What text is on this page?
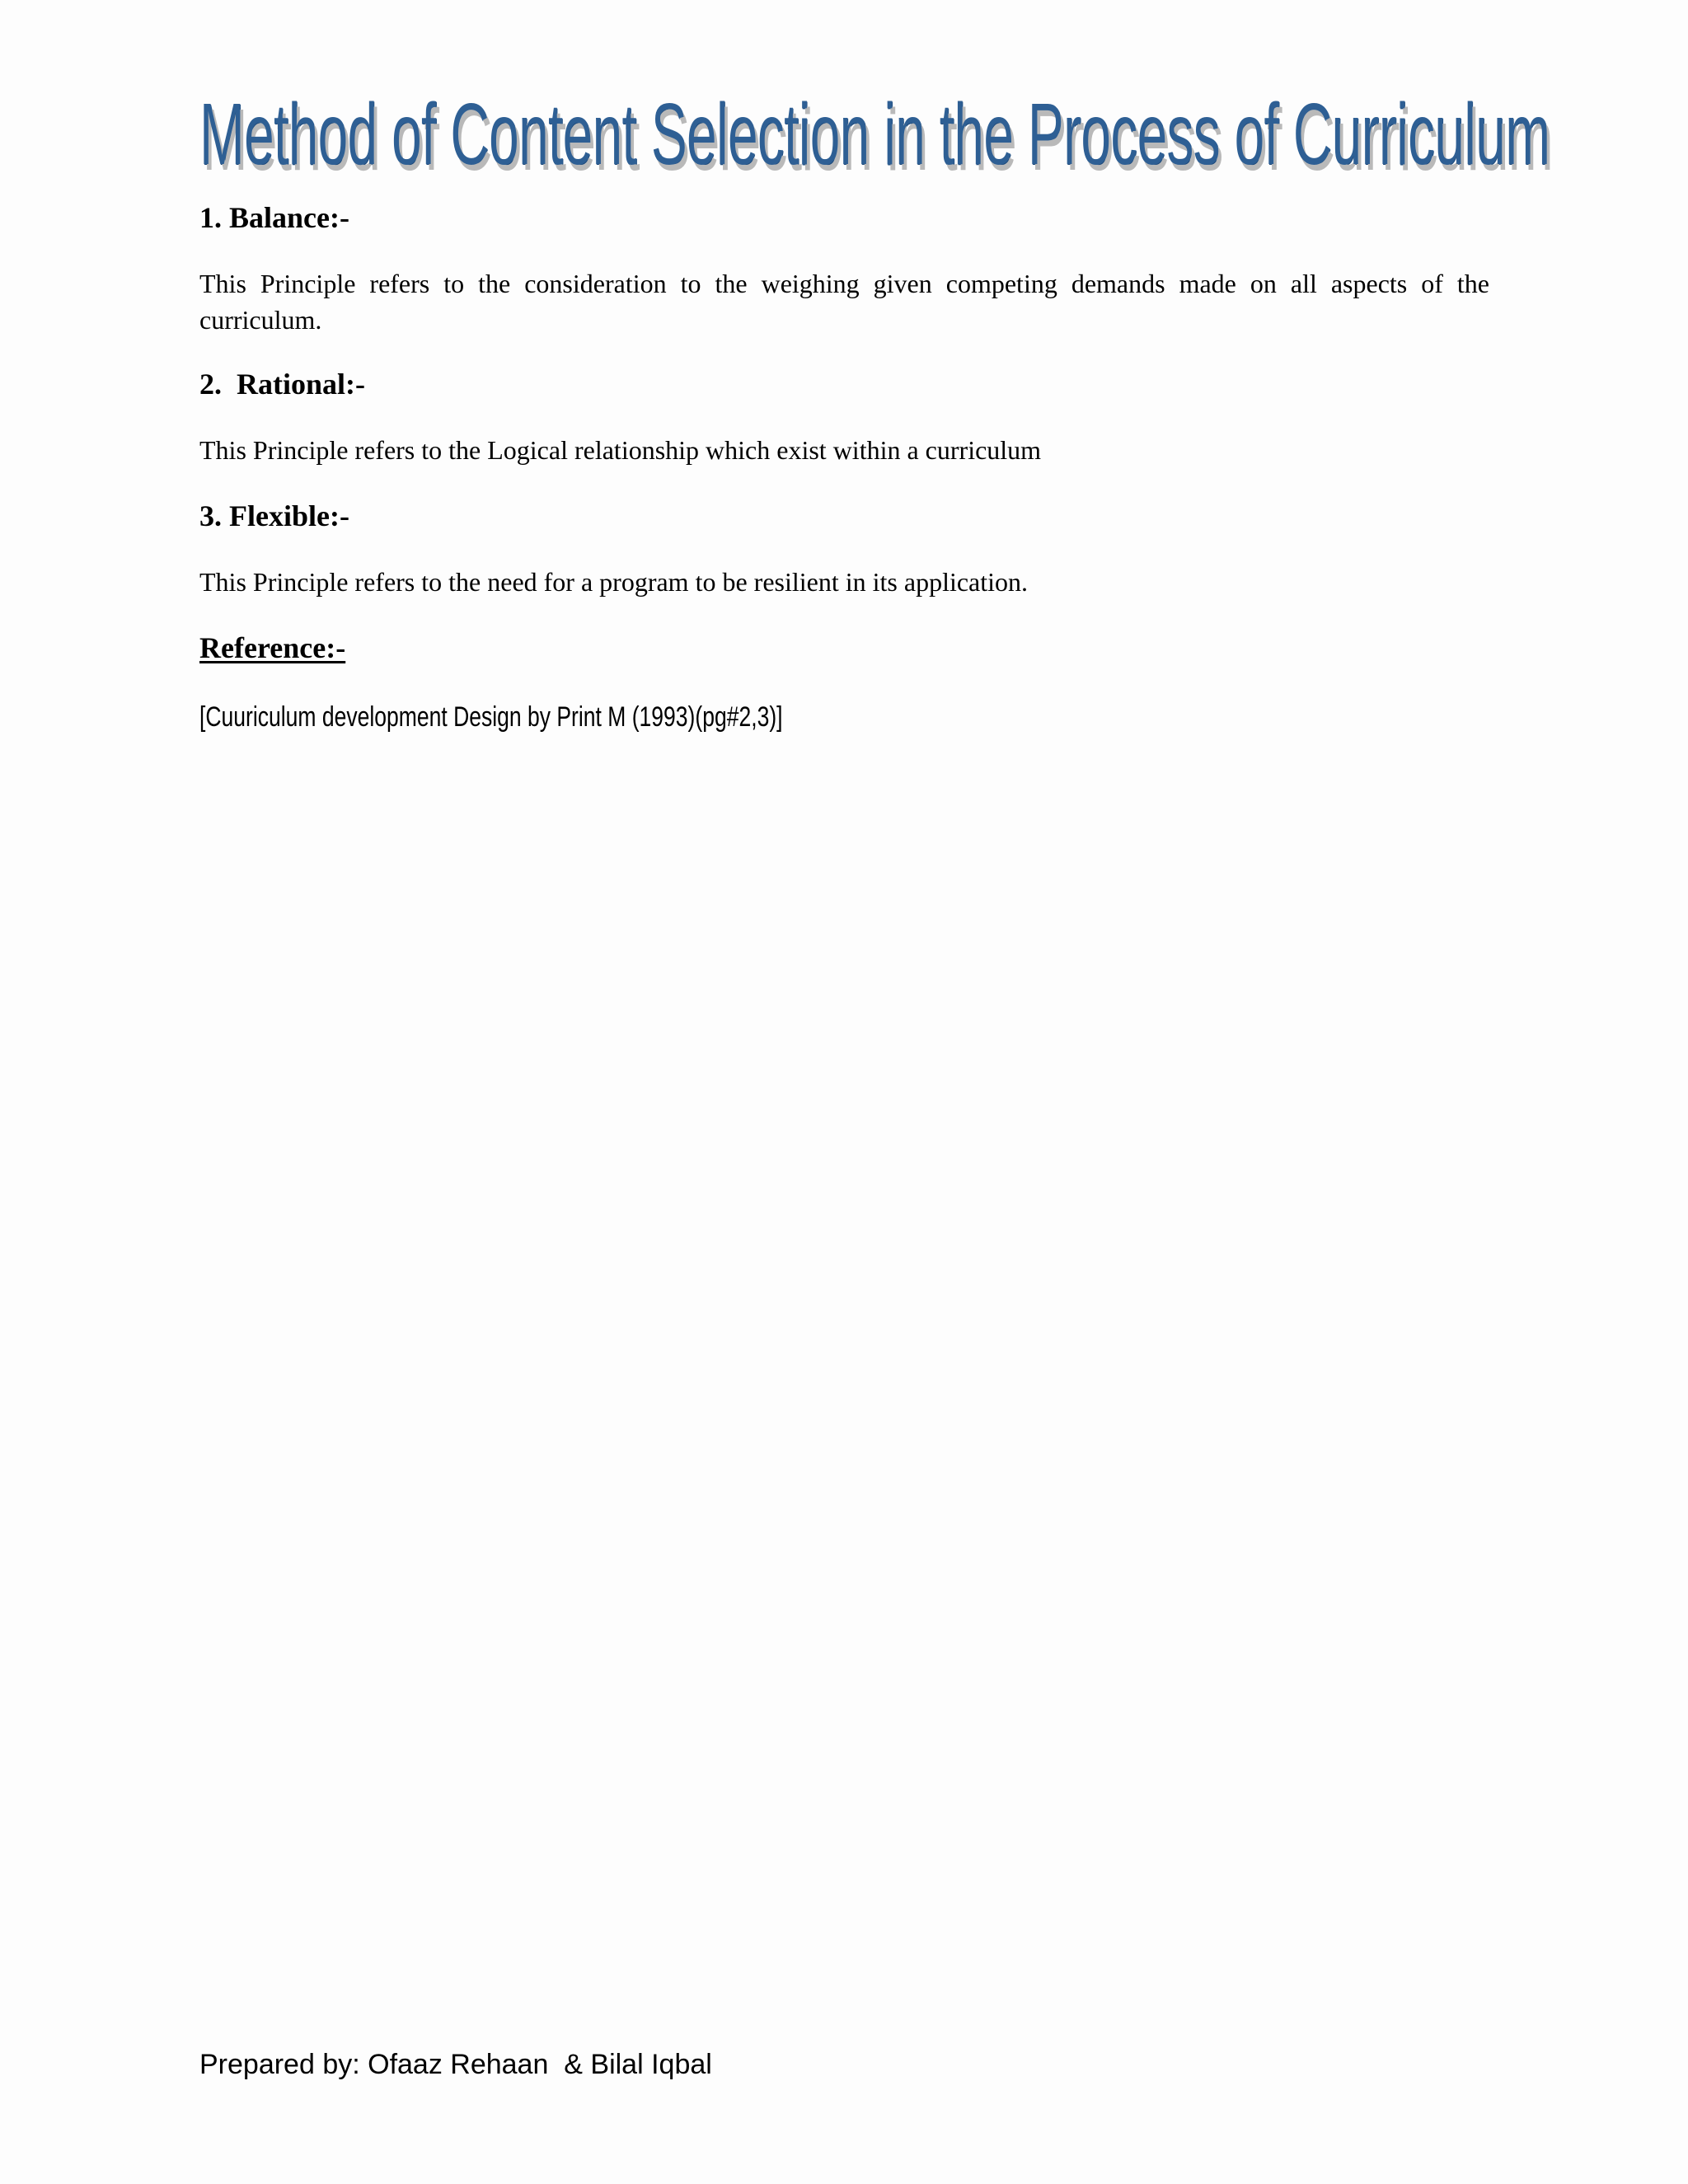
Method of Content Selection in the Process of Curriculum
1. Balance:-

This Principle refers to the consideration to the weighing given competing demands made on all aspects of the curriculum.

2.  Rational:-

This Principle refers to the Logical relationship which exist within a curriculum

3. Flexible:-

This Principle refers to the need for a program to be resilient in its application.

Reference:-

[Cuuriculum development Design by Print M (1993)(pg#2,3)]

Prepared by: Ofaaz Rehaan  & Bilal Iqbal
